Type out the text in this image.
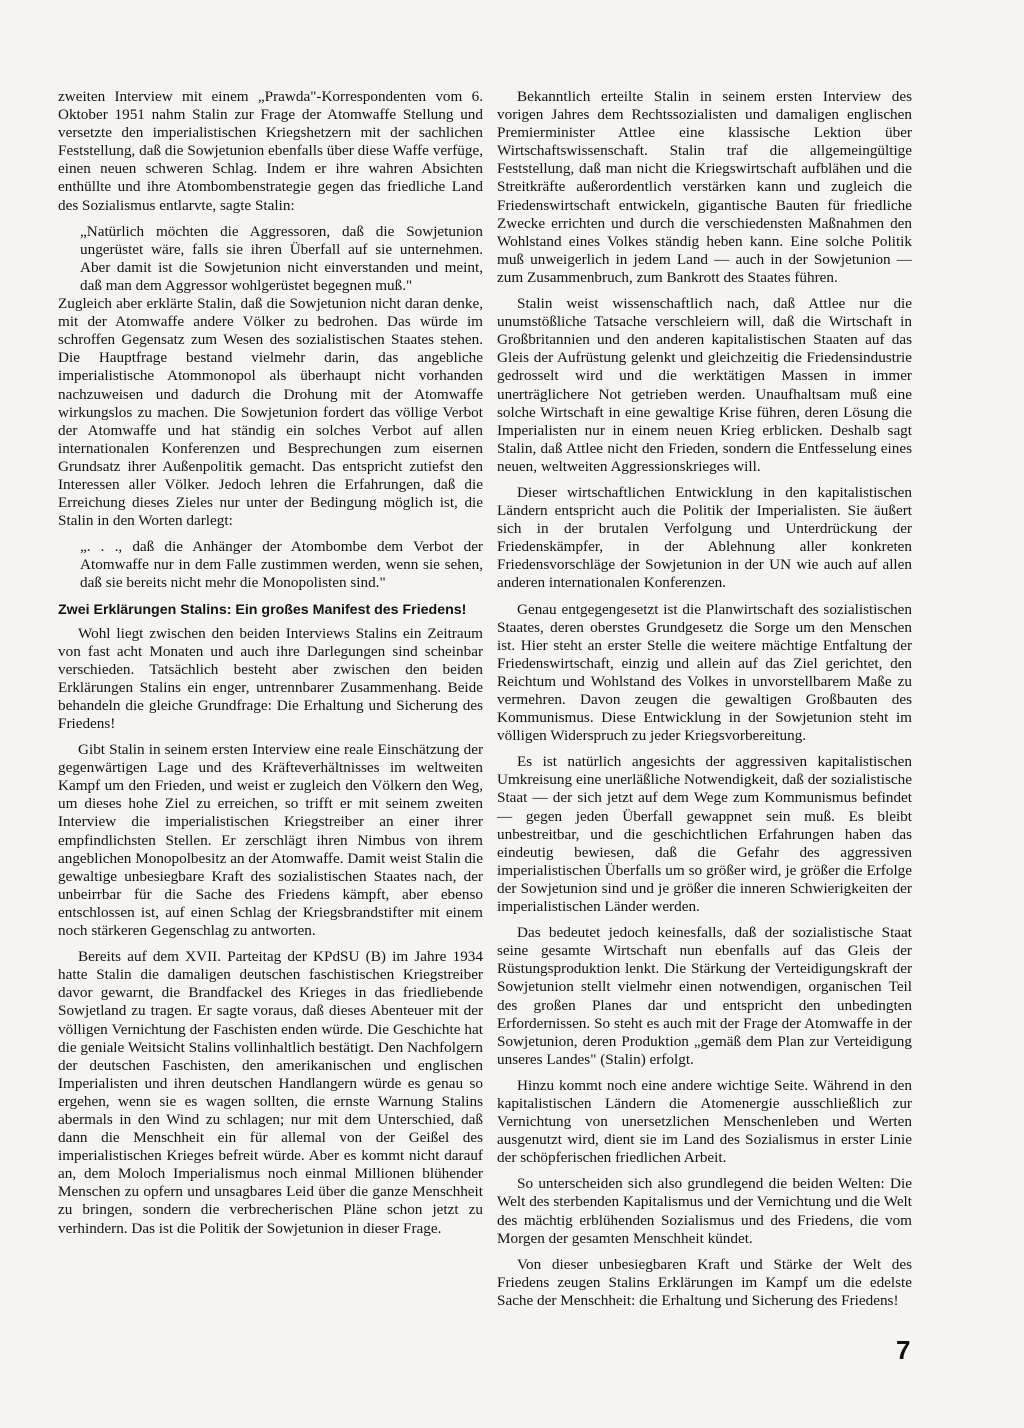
zweiten Interview mit einem „Prawda"-Korrespondenten vom 6. Oktober 1951 nahm Stalin zur Frage der Atomwaffe Stellung und versetzte den imperialistischen Kriegshetzern mit der sachlichen Feststellung, daß die Sowjetunion ebenfalls über diese Waffe verfüge, einen neuen schweren Schlag. Indem er ihre wahren Absichten enthüllte und ihre Atombombenstrategie gegen das friedliche Land des Sozialismus entlarvte, sagte Stalin:

„Natürlich möchten die Aggressoren, daß die Sowjetunion ungerüstet wäre, falls sie ihren Überfall auf sie unternehmen. Aber damit ist die Sowjetunion nicht einverstanden und meint, daß man dem Aggressor wohlgerüstet begegnen muß."

Zugleich aber erklärte Stalin, daß die Sowjetunion nicht daran denke, mit der Atomwaffe andere Völker zu bedrohen. Das würde im schroffen Gegensatz zum Wesen des sozialistischen Staates stehen. Die Hauptfrage bestand vielmehr darin, das angebliche imperialistische Atommonopol als überhaupt nicht vorhanden nachzuweisen und dadurch die Drohung mit der Atomwaffe wirkungslos zu machen. Die Sowjetunion fordert das völlige Verbot der Atomwaffe und hat ständig ein solches Verbot auf allen internationalen Konferenzen und Besprechungen zum eisernen Grundsatz ihrer Außenpolitik gemacht. Das entspricht zutiefst den Interessen aller Völker. Jedoch lehren die Erfahrungen, daß die Erreichung dieses Zieles nur unter der Bedingung möglich ist, die Stalin in den Worten darlegt:

„. . ., daß die Anhänger der Atombombe dem Verbot der Atomwaffe nur in dem Falle zustimmen werden, wenn sie sehen, daß sie bereits nicht mehr die Monopolisten sind."

Zwei Erklärungen Stalins: Ein großes Manifest des Friedens!

Wohl liegt zwischen den beiden Interviews Stalins ein Zeitraum von fast acht Monaten und auch ihre Darlegungen sind scheinbar verschieden. Tatsächlich besteht aber zwischen den beiden Erklärungen Stalins ein enger, untrennbarer Zusammenhang. Beide behandeln die gleiche Grundfrage: Die Erhaltung und Sicherung des Friedens!

Gibt Stalin in seinem ersten Interview eine reale Einschätzung der gegenwärtigen Lage und des Kräfteverhältnisses im weltweiten Kampf um den Frieden, und weist er zugleich den Völkern den Weg, um dieses hohe Ziel zu erreichen, so trifft er mit seinem zweiten Interview die imperialistischen Kriegstreiber an einer ihrer empfindlichsten Stellen. Er zerschlägt ihren Nimbus von ihrem angeblichen Monopolbesitz an der Atomwaffe. Damit weist Stalin die gewaltige unbesiegbare Kraft des sozialistischen Staates nach, der unbeirrbar für die Sache des Friedens kämpft, aber ebenso entschlossen ist, auf einen Schlag der Kriegsbrandstifter mit einem noch stärkeren Gegenschlag zu antworten.

Bereits auf dem XVII. Parteitag der KPdSU (B) im Jahre 1934 hatte Stalin die damaligen deutschen faschistischen Kriegstreiber davor gewarnt, die Brandfackel des Krieges in das friedliebende Sowjetland zu tragen. Er sagte voraus, daß dieses Abenteuer mit der völligen Vernichtung der Faschisten enden würde. Die Geschichte hat die geniale Weitsicht Stalins vollinhaltlich bestätigt. Den Nachfolgern der deutschen Faschisten, den amerikanischen und englischen Imperialisten und ihren deutschen Handlangern würde es genau so ergehen, wenn sie es wagen sollten, die ernste Warnung Stalins abermals in den Wind zu schlagen; nur mit dem Unterschied, daß dann die Menschheit ein für allemal von der Geißel des imperialistischen Krieges befreit würde. Aber es kommt nicht darauf an, dem Moloch Imperialismus noch einmal Millionen blühender Menschen zu opfern und unsagbares Leid über die ganze Menschheit zu bringen, sondern die verbrecherischen Pläne schon jetzt zu verhindern. Das ist die Politik der Sowjetunion in dieser Frage.

Bekanntlich erteilte Stalin in seinem ersten Interview des vorigen Jahres dem Rechtssozialisten und damaligen englischen Premierminister Attlee eine klassische Lektion über Wirtschaftswissenschaft. Stalin traf die allgemeingültige Feststellung, daß man nicht die Kriegswirtschaft aufblähen und die Streitkräfte außerordentlich verstärken kann und zugleich die Friedenswirtschaft entwickeln, gigantische Bauten für friedliche Zwecke errichten und durch die verschiedensten Maßnahmen den Wohlstand eines Volkes ständig heben kann. Eine solche Politik muß unweigerlich in jedem Land — auch in der Sowjetunion — zum Zusammenbruch, zum Bankrott des Staates führen.

Stalin weist wissenschaftlich nach, daß Attlee nur die unumstößliche Tatsache verschleiern will, daß die Wirtschaft in Großbritannien und den anderen kapitalistischen Staaten auf das Gleis der Aufrüstung gelenkt und gleichzeitig die Friedensindustrie gedrosselt wird und die werktätigen Massen in immer unerträglichere Not getrieben werden. Unaufhaltsam muß eine solche Wirtschaft in eine gewaltige Krise führen, deren Lösung die Imperialisten nur in einem neuen Krieg erblicken. Deshalb sagt Stalin, daß Attlee nicht den Frieden, sondern die Entfesselung eines neuen, weltweiten Aggressionskrieges will.

Dieser wirtschaftlichen Entwicklung in den kapitalistischen Ländern entspricht auch die Politik der Imperialisten. Sie äußert sich in der brutalen Verfolgung und Unterdrückung der Friedenskämpfer, in der Ablehnung aller konkreten Friedensvorschläge der Sowjetunion in der UN wie auch auf allen anderen internationalen Konferenzen.

Genau entgegengesetzt ist die Planwirtschaft des sozialistischen Staates, deren oberstes Grundgesetz die Sorge um den Menschen ist. Hier steht an erster Stelle die weitere mächtige Entfaltung der Friedenswirtschaft, einzig und allein auf das Ziel gerichtet, den Reichtum und Wohlstand des Volkes in unvorstellbarem Maße zu vermehren. Davon zeugen die gewaltigen Großbauten des Kommunismus. Diese Entwicklung in der Sowjetunion steht im völligen Widerspruch zu jeder Kriegsvorbereitung.

Es ist natürlich angesichts der aggressiven kapitalistischen Umkreisung eine unerläßliche Notwendigkeit, daß der sozialistische Staat — der sich jetzt auf dem Wege zum Kommunismus befindet — gegen jeden Überfall gewappnet sein muß. Es bleibt unbestreitbar, und die geschichtlichen Erfahrungen haben das eindeutig bewiesen, daß die Gefahr des aggressiven imperialistischen Überfalls um so größer wird, je größer die Erfolge der Sowjetunion sind und je größer die inneren Schwierigkeiten der imperialistischen Länder werden.

Das bedeutet jedoch keinesfalls, daß der sozialistische Staat seine gesamte Wirtschaft nun ebenfalls auf das Gleis der Rüstungsproduktion lenkt. Die Stärkung der Verteidigungskraft der Sowjetunion stellt vielmehr einen notwendigen, organischen Teil des großen Planes dar und entspricht den unbedingten Erfordernissen. So steht es auch mit der Frage der Atomwaffe in der Sowjetunion, deren Produktion „gemäß dem Plan zur Verteidigung unseres Landes" (Stalin) erfolgt.

Hinzu kommt noch eine andere wichtige Seite. Während in den kapitalistischen Ländern die Atomenergie ausschließlich zur Vernichtung von unersetzlichen Menschenleben und Werten ausgenutzt wird, dient sie im Land des Sozialismus in erster Linie der schöpferischen friedlichen Arbeit.

So unterscheiden sich also grundlegend die beiden Welten: Die Welt des sterbenden Kapitalismus und der Vernichtung und die Welt des mächtig erblühenden Sozialismus und des Friedens, die vom Morgen der gesamten Menschheit kündet.

Von dieser unbesiegbaren Kraft und Stärke der Welt des Friedens zeugen Stalins Erklärungen im Kampf um die edelste Sache der Menschheit: die Erhaltung und Sicherung des Friedens!

7
